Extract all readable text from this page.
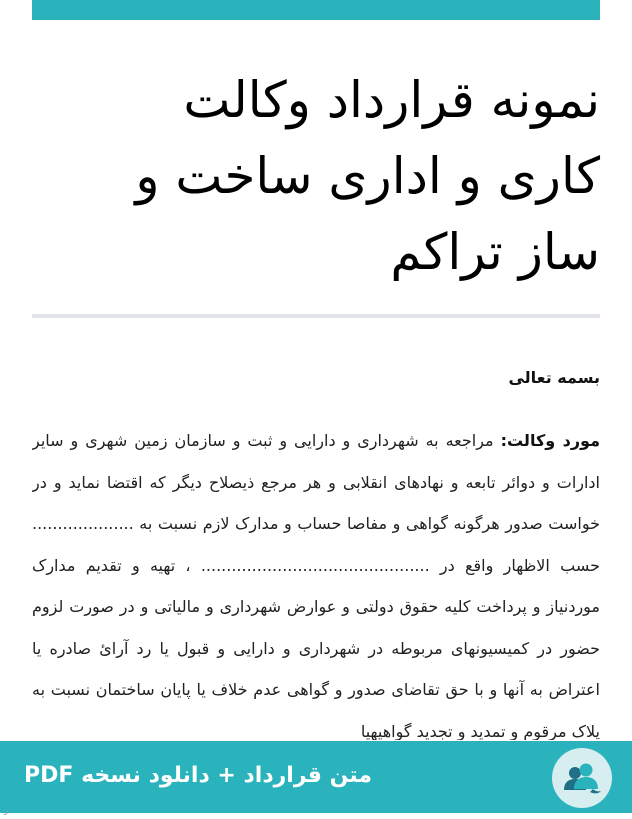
نمونه قرارداد وکالت کاری و اداری ساخت و ساز تراکم
بسمه تعالی

مورد وکالت: مراجعه به شهرداری و دارایی و ثبت و سازمان زمین شهری و سایر ادارات و دوائر تابعه و نهادهای انقلابی و هر مرجع ذیصلاح دیگر که اقتضا نماید و در خواست صدور هرگونه گواهی و مفاصا حساب و مدارک لازم نسبت به .................... حسب الاظهار واقع در ............................................. ، تهیه و تقدیم مدارک موردنیاز و پرداخت کلیه حقوق دولتی و عوارض شهرداری و مالیاتی و در صورت لزوم حضور در کمیسیونهای مربوطه در شهرداری و دارایی و قبول یا رد آرائ صادره یا اعتراض به آنها و با حق تقاضای صدور و گواهی عدم خلاف یا پایان ساختمان نسبت به پلاک مرقوم و تمدید و تجدید گواهیهیا

متن قرارداد + دانلود نسخه PDF
ر
